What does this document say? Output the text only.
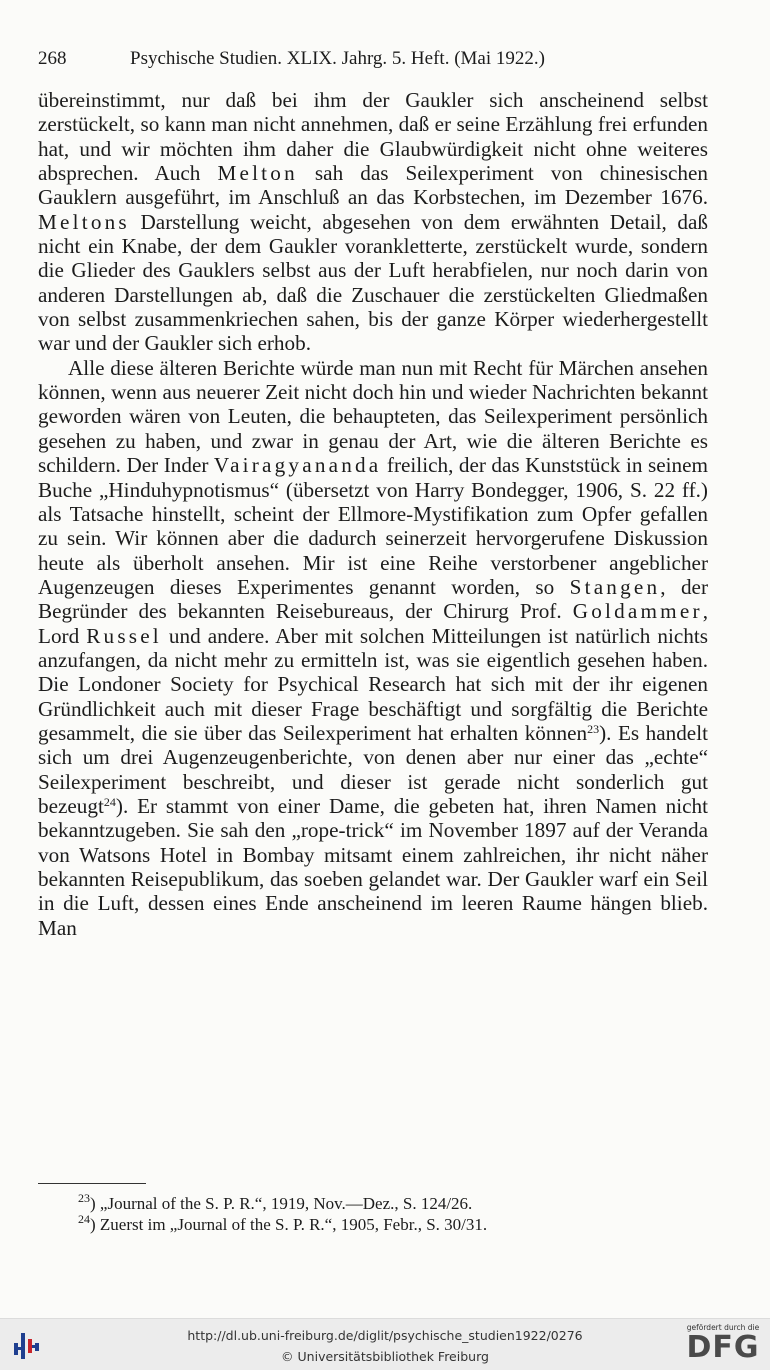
268	Psychische Studien. XLIX. Jahrg. 5. Heft. (Mai 1922.)

übereinstimmt, nur daß bei ihm der Gaukler sich anscheinend selbst zerstückelt, so kann man nicht annehmen, daß er seine Erzählung frei erfunden hat, und wir möchten ihm daher die Glaubwürdigkeit nicht ohne weiteres absprechen. Auch Melton sah das Seilexperiment von chinesischen Gauklern ausgeführt, im Anschluß an das Korbstechen, im Dezember 1676. Meltons Darstellung weicht, abgesehen von dem erwähnten Detail, daß nicht ein Knabe, der dem Gaukler vorankletterte, zerstückelt wurde, sondern die Glieder des Gauklers selbst aus der Luft herabfielen, nur noch darin von anderen Darstellungen ab, daß die Zuschauer die zerstückelten Gliedmaßen von selbst zusammenkriechen sahen, bis der ganze Körper wiederhergestellt war und der Gaukler sich erhob.

Alle diese älteren Berichte würde man nun mit Recht für Märchen ansehen können, wenn aus neuerer Zeit nicht doch hin und wieder Nachrichten bekannt geworden wären von Leuten, die behaupteten, das Seilexperiment persönlich gesehen zu haben, und zwar in genau der Art, wie die älteren Berichte es schildern. Der Inder Vairagyananda freilich, der das Kunststück in seinem Buche „Hinduhypnotismus“ (übersetzt von Harry Bondegger, 1906, S. 22 ff.) als Tatsache hinstellt, scheint der Ellmore-Mystifikation zum Opfer gefallen zu sein. Wir können aber die dadurch seinerzeit hervorgerufene Diskussion heute als überholt ansehen. Mir ist eine Reihe verstorbener angeblicher Augenzeugen dieses Experimentes genannt worden, so Stangen, der Begründer des bekannten Reisebureaus, der Chirurg Prof. Goldammer, Lord Russel und andere. Aber mit solchen Mitteilungen ist natürlich nichts anzufangen, da nicht mehr zu ermitteln ist, was sie eigentlich gesehen haben. Die Londoner Society for Psychical Research hat sich mit der ihr eigenen Gründlichkeit auch mit dieser Frage beschäftigt und sorgfältig die Berichte gesammelt, die sie über das Seilexperiment hat erhalten können$^{23}$). Es handelt sich um drei Augenzeugenberichte, von denen aber nur einer das „echte“ Seilexperiment beschreibt, und dieser ist gerade nicht sonderlich gut bezeugt$^{24}$). Er stammt von einer Dame, die gebeten hat, ihren Namen nicht bekanntzugeben. Sie sah den „rope-trick“ im November 1897 auf der Veranda von Watsons Hotel in Bombay mitsamt einem zahlreichen, ihr nicht näher bekannten Reisepublikum, das soeben gelandet war. Der Gaukler warf ein Seil in die Luft, dessen eines Ende anscheinend im leeren Raume hängen blieb. Man

$^{23}$) „Journal of the S. P. R.“, 1919, Nov.—Dez., S. 124/26.

$^{24}$) Zuerst im „Journal of the S. P. R.“, 1905, Febr., S. 30/31.

http://dl.ub.uni-freiburg.de/diglit/psychische_studien1922/0276
© Universitätsbibliothek Freiburg
gefördert durch die
DFG
